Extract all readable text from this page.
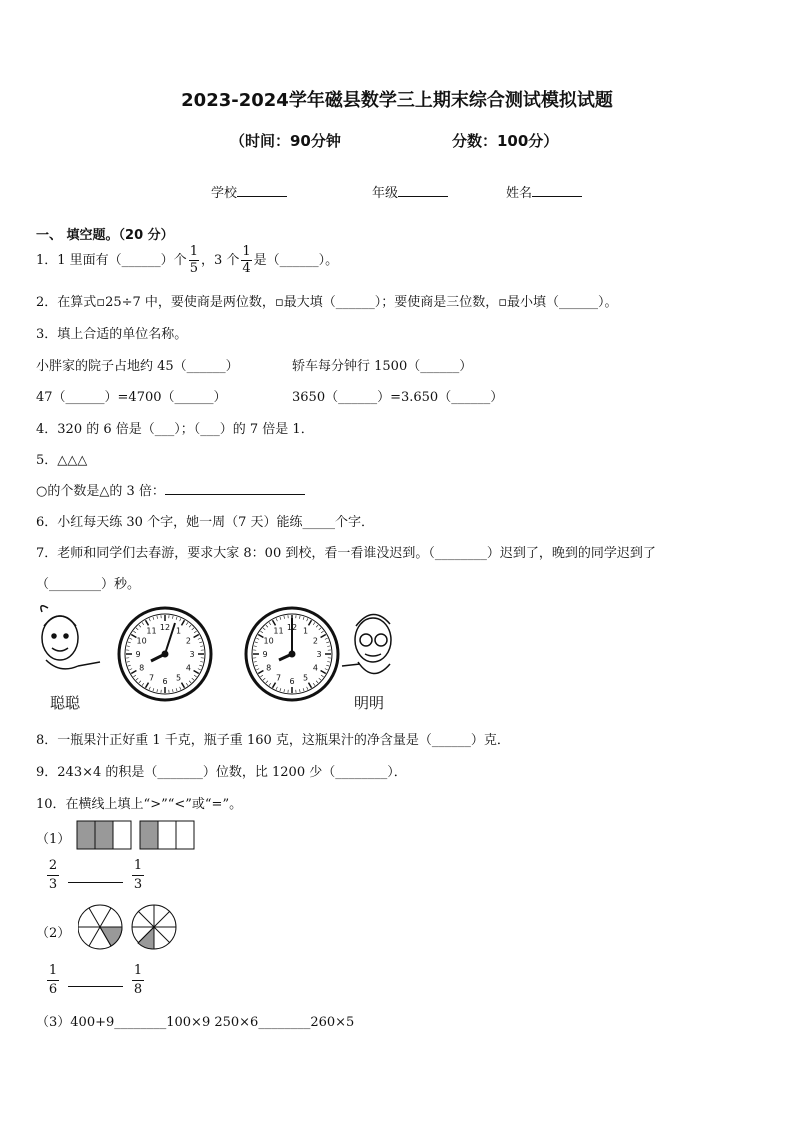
2023-2024学年磁县数学三上期末综合测试模拟试题
（时间：90分钟	分数：100分）
学校	年级	姓名
一、 填空题。（20 分）
1．1 里面有（______）个 $\frac{1}{5}$ ，3 个 $\frac{1}{4}$ 是（______）。
2．在算式▫25÷7 中，要使商是两位数，▫最大填（______）；要使商是三位数，▫最小填（______）。
3．填上合适的单位名称。
小胖家的院子占地约 45（______）	轿车每分钟行 1500（______）
47（______）=4700（______）	3650（______）=3.650（______）
4．320 的 6 倍是（___）；（___）的 7 倍是 1．
5．△△△
○的个数是△的 3 倍：
6．小红每天练 30 个字，她一周（7 天）能练_____个字．
7．老师和同学们去春游，要求大家 8：00 到校，看一看谁没迟到。（________）迟到了，晚到的同学迟到了
（________）秒。
聪聪	明明
1
2
3
4
5
6
7
8
9
10
11 12	1
2
3
4
5
6
7
8
9
10
11 12
8．一瓶果汁正好重 1 千克，瓶子重 160 克，这瓶果汁的净含量是（______）克．
9．243×4 的积是（_______）位数，比 1200 少（________）．
10．在横线上填上“>”“<”或“=”。
（1）
2
3
1
3
（2）
1
6
1
8
（3）400+9________100×9 250×6________260×5
